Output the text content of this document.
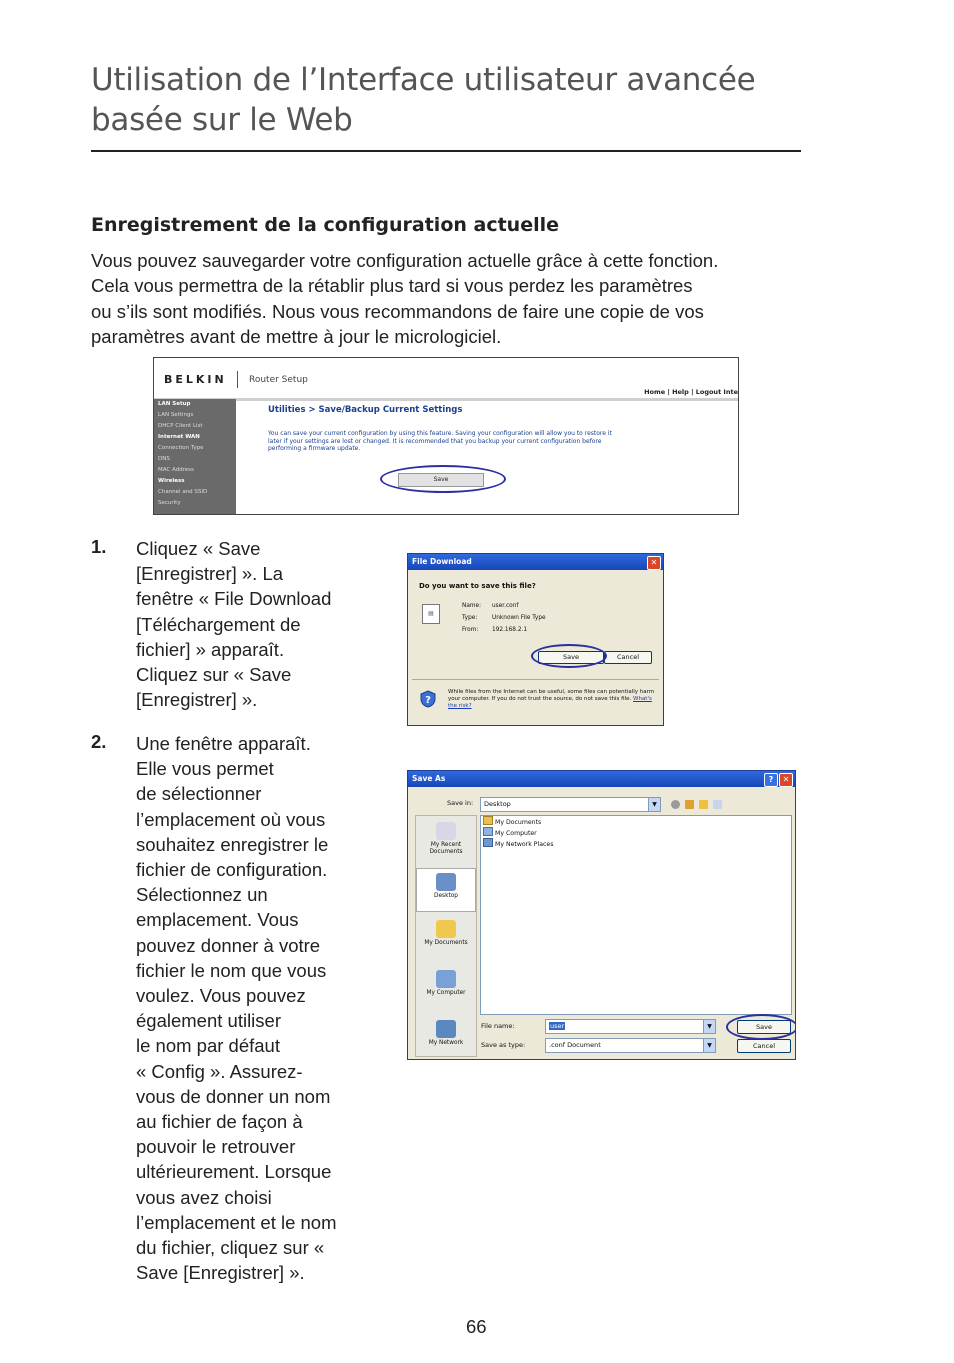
Utilisation de l’Interface utilisateur avancée
basée sur le Web
Enregistrement de la configuration actuelle
Vous pouvez sauvegarder votre configuration actuelle grâce à cette fonction.
Cela vous permettra de la rétablir plus tard si vous perdez les paramètres
ou s’ils sont modifiés. Nous vous recommandons de faire une copie de vos
paramètres avant de mettre à jour le micrologiciel.
BELKIN Router Setup
Home | Help | Logout Inte
LAN Setup
LAN Settings
DHCP Client List
Internet WAN
Connection Type
DNS
MAC Address
Wireless
Channel and SSID
Security
Utilities > Save/Backup Current Settings
You can save your current configuration by using this feature. Saving your configuration will allow you to restore it later if your settings are lost or changed. It is recommended that you backup your current configuration before performing a firmware update.
Save
1. Cliquez « Save
[Enregistrer] ». La
fenêtre « File Download
[Téléchargement de
fichier] » apparaît.
Cliquez sur « Save
[Enregistrer] ».
File Download	✕
Do you want to save this file?
▤
Name: user.conf
Type:	Unknown File Type
From: 192.168.2.1
Save	Cancel
?
While files from the Internet can be useful, some files can potentially harm your computer. If you do not trust the source, do not save this file. What's the risk?
2. Une fenêtre apparaît.
Elle vous permet
de sélectionner
l’emplacement où vous
souhaitez enregistrer le
fichier de configuration.
Sélectionnez un
emplacement. Vous
pouvez donner à votre
fichier le nom que vous
voulez. Vous pouvez
également utiliser
le nom par défaut
« Config ». Assurez-
vous de donner un nom
au fichier de façon à
pouvoir le retrouver
ultérieurement. Lorsque
vous avez choisi
l’emplacement et le nom
du fichier, cliquez sur «
Save [Enregistrer] ».
Save As	?	✕
Save in:	Desktop	▼
My Recent Documents
Desktop
My Documents
My Computer
My Network
My Documents
My Computer
My Network Places
File name:	user	▼
Save as type:	.conf Document	▼
Save
Cancel
66
